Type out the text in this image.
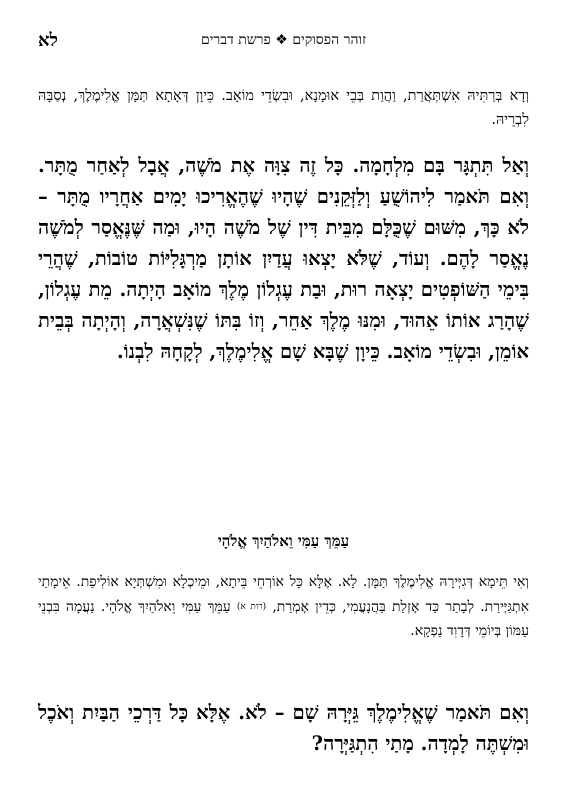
לא	זוהר הפסוקים ❖ פרשת דברים
וְדָא בְּרַתִּיהּ אִשְׁתְּאֲרַת, וַהֲוַת בְּבֵי אוּמָנָא, וּבִשְׂדֵי מוֹאָב. כֵּיוָן דְּאָתָא תַּמָּן אֱלִימֶלֶךְ, נְסַבָּהּ לִבְרֵיהּ.
וְאַל תִּתְגָּר בָּם מִלְחָמָה. כָּל זֶה צִוָּה אֶת מֹשֶׁה, אֲבָל לְאַחַר מֻתָּר. וְאִם תֹּאמַר לִיהוֹשֻׁעַ וְלַזְּקֵנִים שֶׁהָיוּ שֶׁהֶאֱרִיכוּ יָמִים אַחֲרָיו מֻתָּר – לֹא כָּךְ, מִשּׁוּם שֶׁכֻּלָּם מִבֵּית דִּין שֶׁל מֹשֶׁה הָיוּ, וּמַה שֶּׁנֶּאֱסַר לְמֹשֶׁה נֶאֱסַר לָהֶם. וְעוֹד, שֶׁלֹּא יָצְאוּ עֲדַיִן אוֹתָן מַרְגָּלִיּוֹת טוֹבוֹת, שֶׁהֲרֵי בִּימֵי הַשּׁוֹפְטִים יָצְאָה רוּת, וּבַת עֶגְלוֹן מֶלֶךְ מוֹאָב הָיְתָה. מֵת עֶגְלוֹן, שֶׁהָרַג אוֹתוֹ אֵהוּד, וּמִנּוּ מֶלֶךְ אַחֵר, וְזוֹ בִּתּוֹ שֶׁנִּשְׁאֲרָה, וְהָיְתָה בְּבֵית אוֹמֵן, וּבִשְׂדֵי מוֹאָב. כֵּיוָן שֶׁבָּא שָׁם אֱלִימֶלֶךְ, לְקָחָהּ לִבְנוֹ.
עַמֵּךְ עַמִּי וֵאלֹהַיִךְ אֱלֹהָי
וְאִי תֵּימָא דְּגִיְּירָהּ אֱלִימֶלֶךְ תַּמָּן. לָא. אֶלָּא כָּל אוֹרְחֵי בֵּיתָא, וּמֵיכְלָא וּמִשְׁתְּיָא אוֹלִיפַת. אֵימָתַי אִתְגַּיְּירַת. לְבָתַר כַּד אָזְלַת בַּהֲנָעֳמִי, כְּדֵין אָמְרַת, (רות א) עַמֵּךְ עַמִּי וֵאלֹהַיִךְ אֱלֹהָי. נַעֲמָה בִּבְנֵי עַמּוֹן בְּיוֹמֵי דְּדָוִד נַפְקָא.
וְאִם תֹּאמַר שֶׁאֱלִימֶלֶךְ גֵּיְּרָהּ שָׁם – לֹא. אֶלָּא כָּל דַּרְכֵי הַבַּיִת וְאֹכֶל וּמִשְׁתֶּה לָמְדָה. מָתַי הִתְגַּיְּרָה?
